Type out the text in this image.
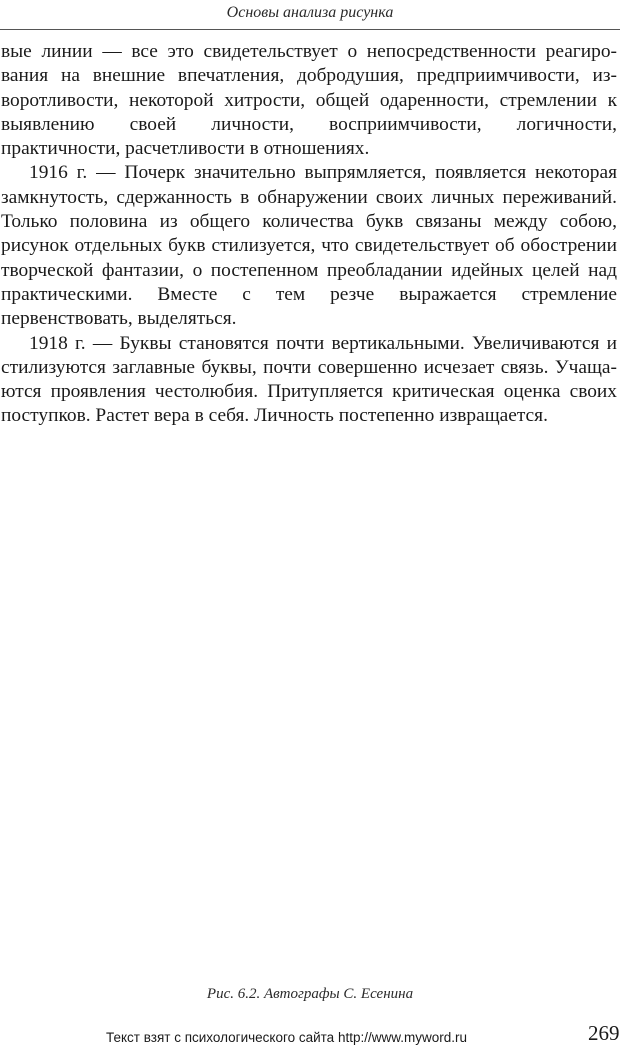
Основы анализа рисунка

вые линии — все это свидетельствует о непосредственности реагирования на внешние впечатления, добродушия, предприимчивости, изворотливости, некоторой хитрости, общей одаренности, стремлении к выявлению своей личности, восприимчивости, логичности, практичности, расчетливости в отношениях.

1916 г. — Почерк значительно выпрямляется, появляется некоторая замкнутость, сдержанность в обнаружении своих личных переживаний. Только половина из общего количества букв связаны между собою, рисунок отдельных букв стилизуется, что свидетельствует об обострении творческой фантазии, о постепенном преобладании идейных целей над практическими. Вместе с тем резче выражается стремление первенствовать, выделяться.

1918 г. — Буквы становятся почти вертикальными. Увеличиваются и стилизуются заглавные буквы, почти совершенно исчезает связь. Учащаются проявления честолюбия. Притупляется критическая оценка своих поступков. Растет вера в себя. Личность постепенно извращается.

Рис. 6.2. Автографы С. Есенина
Текст взят с психологического сайта http://www.myword.ru	269
